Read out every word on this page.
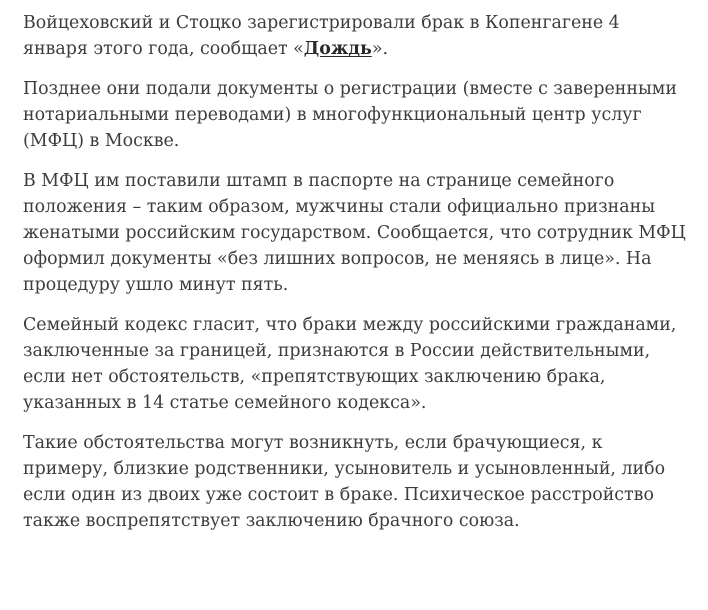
Войцеховский и Стоцко зарегистрировали брак в Копенгагене 4
января этого года, сообщает «Дождь».

Позднее они подали документы о регистрации (вместе с заверенными
нотариальными переводами) в многофункциональный центр услуг
(МФЦ) в Москве.

В МФЦ им поставили штамп в паспорте на странице семейного
положения – таким образом, мужчины стали официально признаны
женатыми российским государством. Сообщается, что сотрудник МФЦ
оформил документы «без лишних вопросов, не меняясь в лице». На
процедуру ушло минут пять.

Семейный кодекс гласит, что браки между российскими гражданами,
заключенные за границей, признаются в России действительными,
если нет обстоятельств, «препятствующих заключению брака,
указанных в 14 статье семейного кодекса».

Такие обстоятельства могут возникнуть, если брачующиеся, к
примеру, близкие родственники, усыновитель и усыновленный, либо
если один из двоих уже состоит в браке. Психическое расстройство
также воспрепятствует заключению брачного союза.
